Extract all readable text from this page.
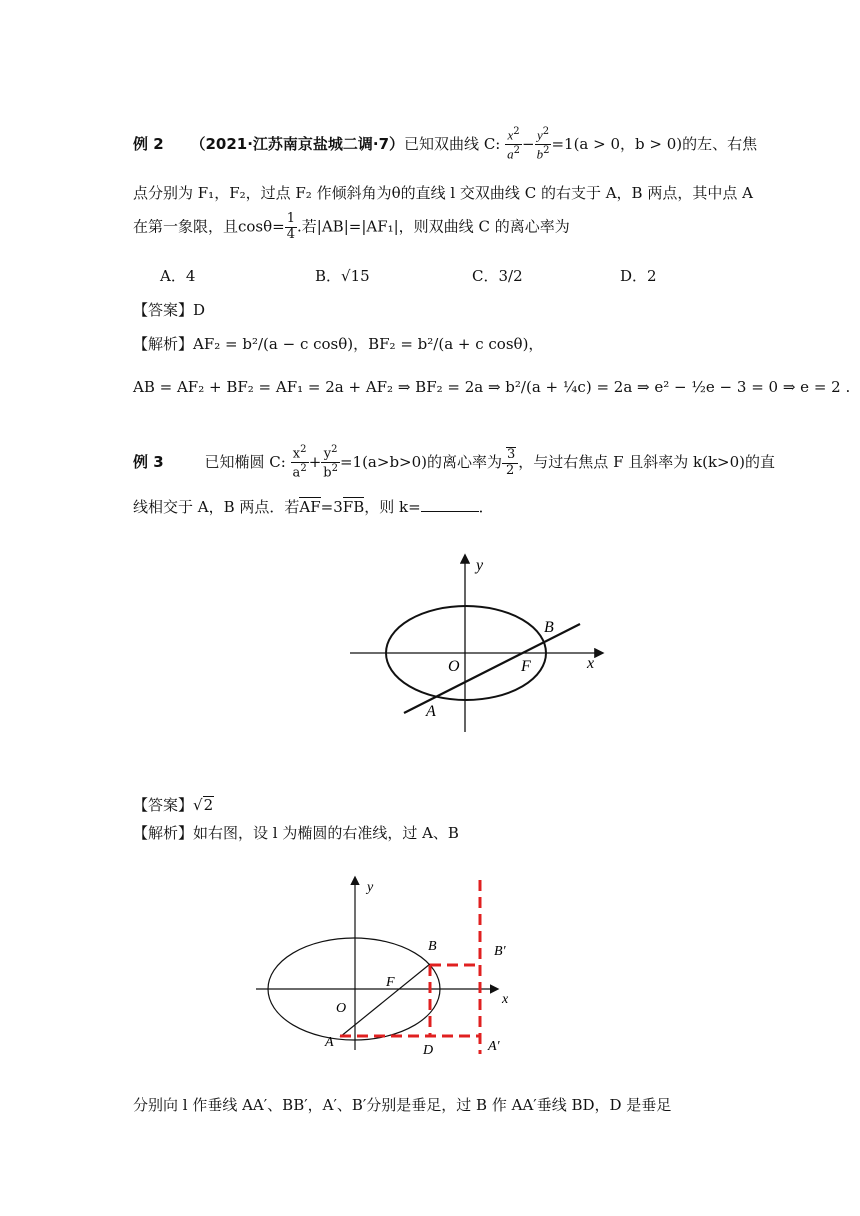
例 2 （2021·江苏南京盐城二调·7）已知双曲线 C: $\frac{x^2}{a^2} - \frac{y^2}{b^2} =1(a > 0$，b > 0)的左、右焦
点分别为 F₁，F₂，过点 F₂ 作倾斜角为θ的直线 l 交双曲线 C 的右支于 A，B 两点，其中点 A
在第一象限，且$\cos\theta= \frac{1}{4}$ .若|AB|=|AF₁|，则双曲线 C 的离心率为
A．4	B．√15	C．3/2	D．2
【答案】D
【解析】AF₂ = b²/(a − c cosθ)，BF₂ = b²/(a + c cosθ)，
AB = AF₂ + BF₂ = AF₁ = 2a + AF₂ ⇒ BF₂ = 2a ⇒ b²/(a + ¼c) = 2a ⇒ e² − ½e − 3 = 0 ⇒ e = 2 .
例 3	已知椭圆 C: $\frac{x^2}{a^2} + \frac{y^2}{b^2} =1(a>b>0)$的离心率为 $\frac{3}{2}$ ，与过右焦点 F 且斜率为 k(k>0)的直
线相交于 A，B 两点．若AF=3FB，则 k=	．
y
x
O	F
A
B
【答案】√2
【解析】如右图，设 l 为椭圆的右准线，过 A、B
y
x
O
F
A
B
D	A′
B′
分别向 l 作垂线 AA′、BB′，A′、B′分别是垂足，过 B 作 AA′垂线 BD，D 是垂足
